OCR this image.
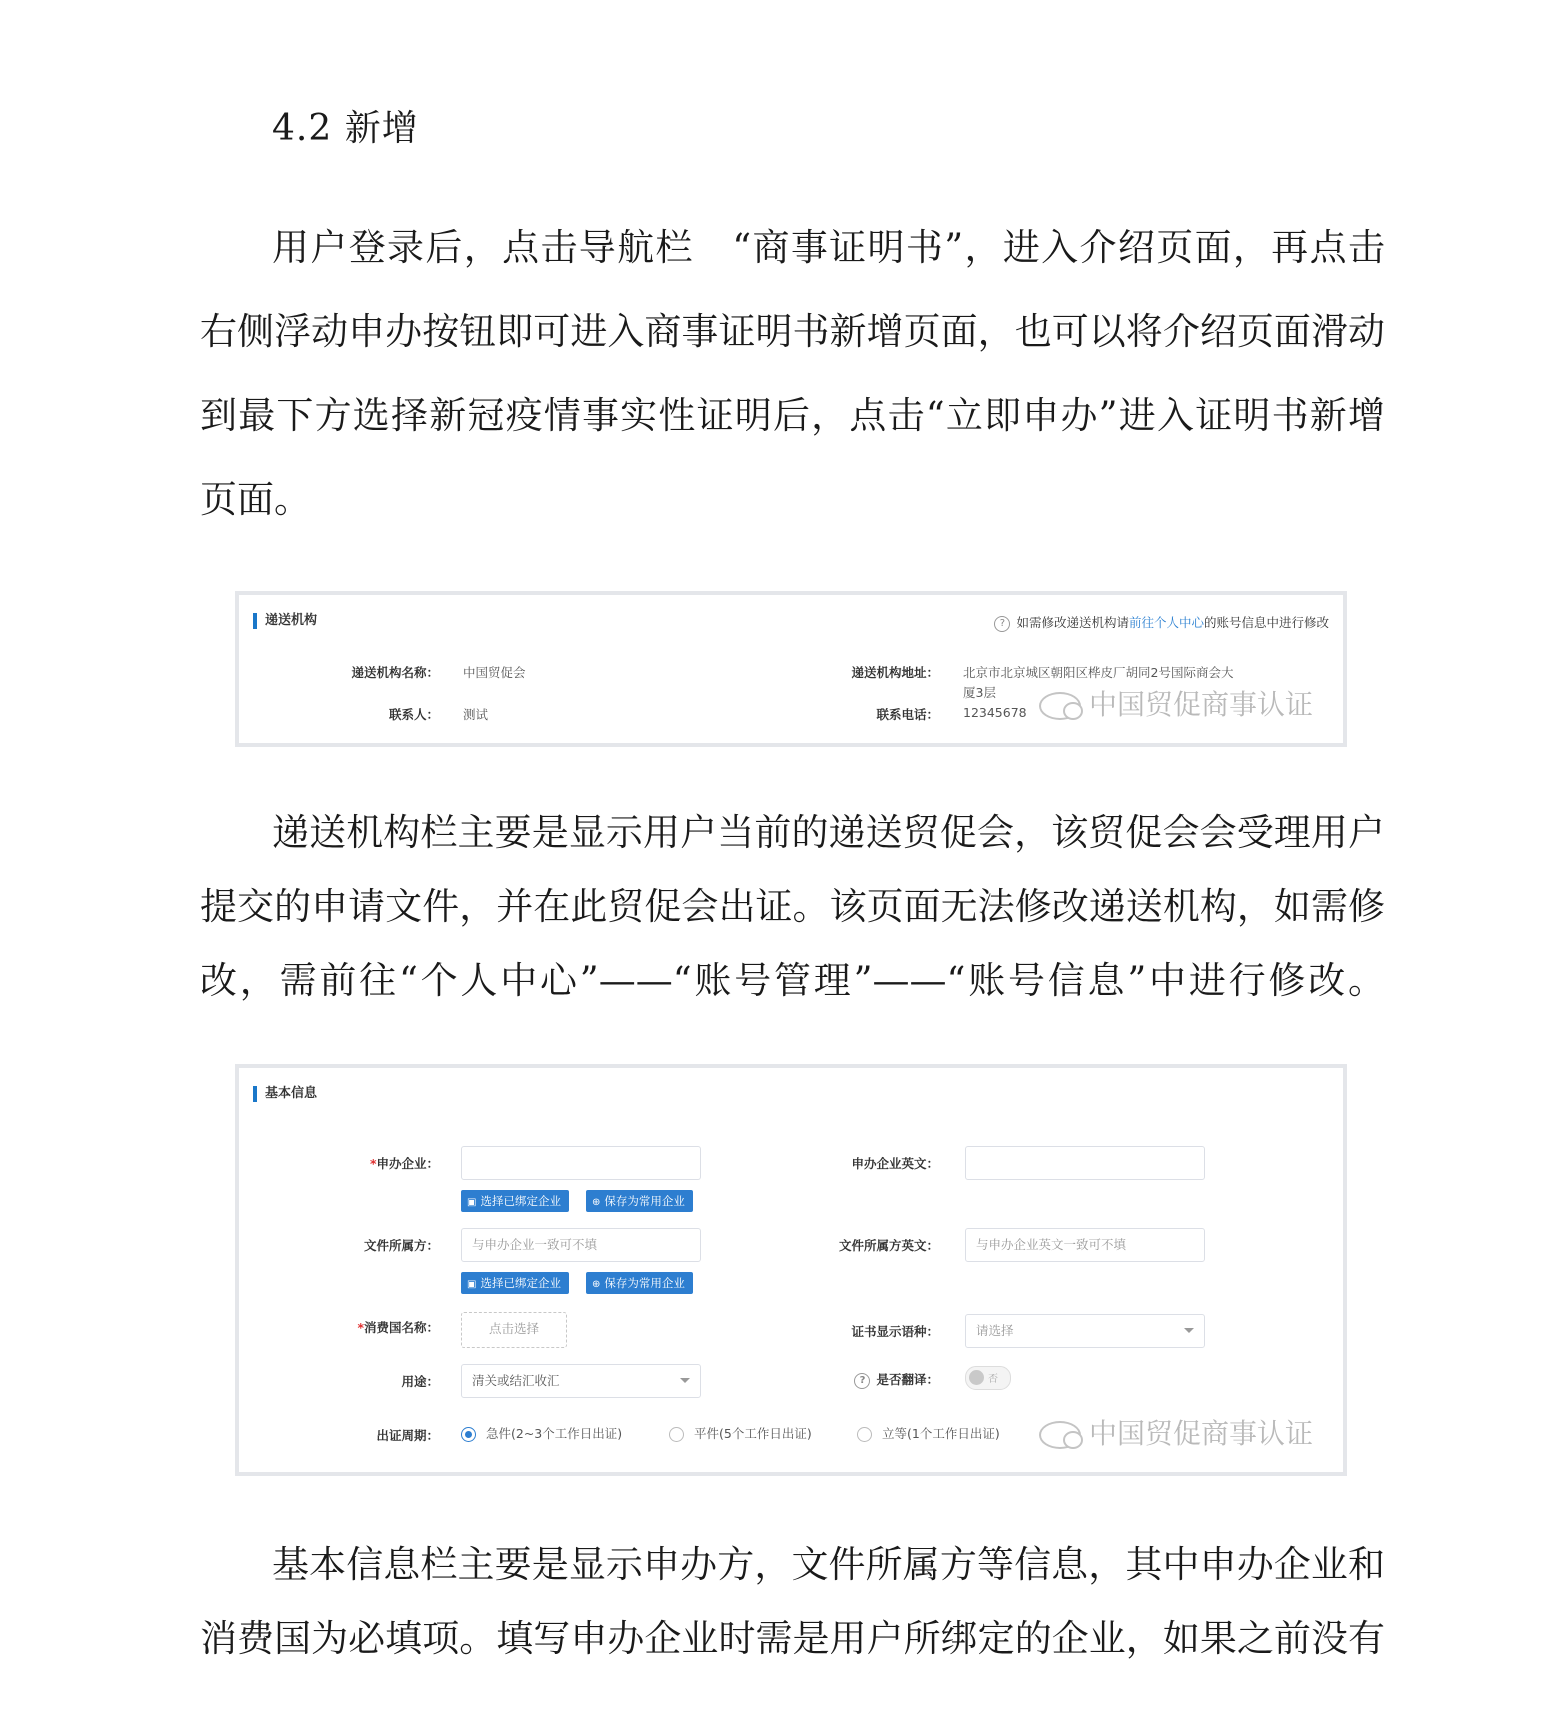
4.2 新增
用户登录后，点击导航栏　“商事证明书”，进入介绍页面，再点击
右侧浮动申办按钮即可进入商事证明书新增页面，也可以将介绍页面滑动
到最下方选择新冠疫情事实性证明后，点击“立即申办”进入证明书新增
页面。
递送机构	? 如需修改递送机构请前往个人中心的账号信息中进行修改
递送机构名称： 中国贸促会
联系人： 测试
递送机构地址： 北京市北京城区朝阳区桦皮厂胡同2号国际商会大
厦3层
联系电话： 12345678	中国贸促商事认证
递送机构栏主要是显示用户当前的递送贸促会，该贸促会会受理用户
提交的申请文件，并在此贸促会出证。该页面无法修改递送机构，如需修
改，需前往“个人中心”——“账号管理”——“账号信息”中进行修改。
基本信息
*申办企业：
▣ 选择已绑定企业	⊕ 保存为常用企业
申办企业英文：
文件所属方：	与申办企业一致可不填
▣ 选择已绑定企业	⊕ 保存为常用企业
文件所属方英文：	与申办企业英文一致可不填
*消费国名称：	点击选择	证书显示语种：	请选择
用途：	清关或结汇收汇	? 是否翻译：	否
出证周期：	急件(2~3个工作日出证)	平件(5个工作日出证)	立等(1个工作日出证)	中国贸促商事认证
基本信息栏主要是显示申办方，文件所属方等信息，其中申办企业和
消费国为必填项。填写申办企业时需是用户所绑定的企业，如果之前没有
